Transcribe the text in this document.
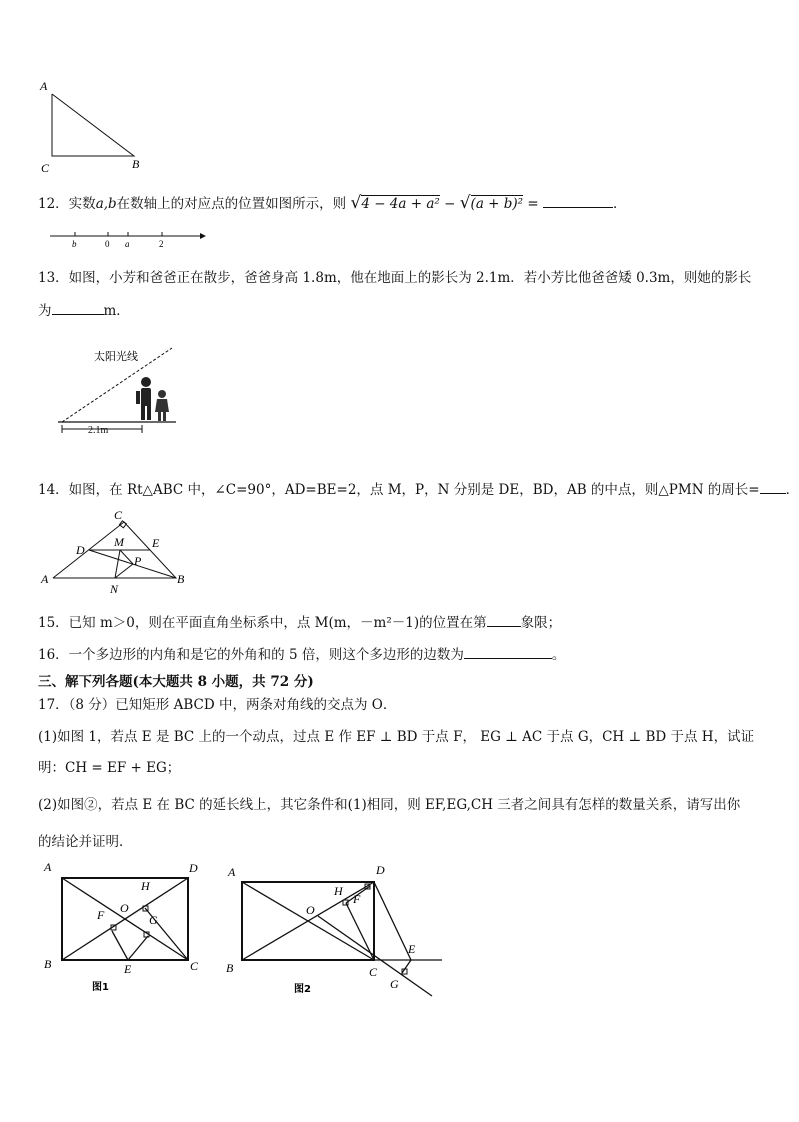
A
C	B
12．实数a,b在数轴上的对应点的位置如图所示，则 √4 − 4a + a² − √(a + b)² =	．
b	0 a	2
13．如图，小芳和爸爸正在散步，爸爸身高 1.8m，他在地面上的影长为 2.1m．若小芳比他爸爸矮 0.3m，则她的影长
为	m．
太阳光线
2.1m
14．如图，在 Rt△ABC 中，∠C=90°，AD=BE=2，点 M，P，N 分别是 DE，BD，AB 的中点，则△PMN 的周长= ．
C
D
M E
P
A
N
B
15．已知 m＞0，则在平面直角坐标系中，点 M(m，－m²－1)的位置在第	象限；
16．一个多边形的内角和是它的外角和的 5 倍，则这个多边形的边数为	。
三、解下列各题(本大题共 8 小题，共 72 分)
17．（8 分）已知矩形 ABCD 中，两条对角线的交点为 O．
(1)如图 1，若点 E 是 BC 上的一个动点，过点 E 作 EF ⊥ BD 于点 F， EG ⊥ AC 于点 G，CH ⊥ BD 于点 H，试证
明：CH = EF + EG；
(2)如图②，若点 E 在 BC 的延长线上，其它条件和(1)相同，则 EF,EG,CH 三者之间具有怎样的数量关系，请写出你
的结论并证明．
A	D
H
F O
G
B	E	C
图1
A	D
H
F
O
B	C
E
G
图2
